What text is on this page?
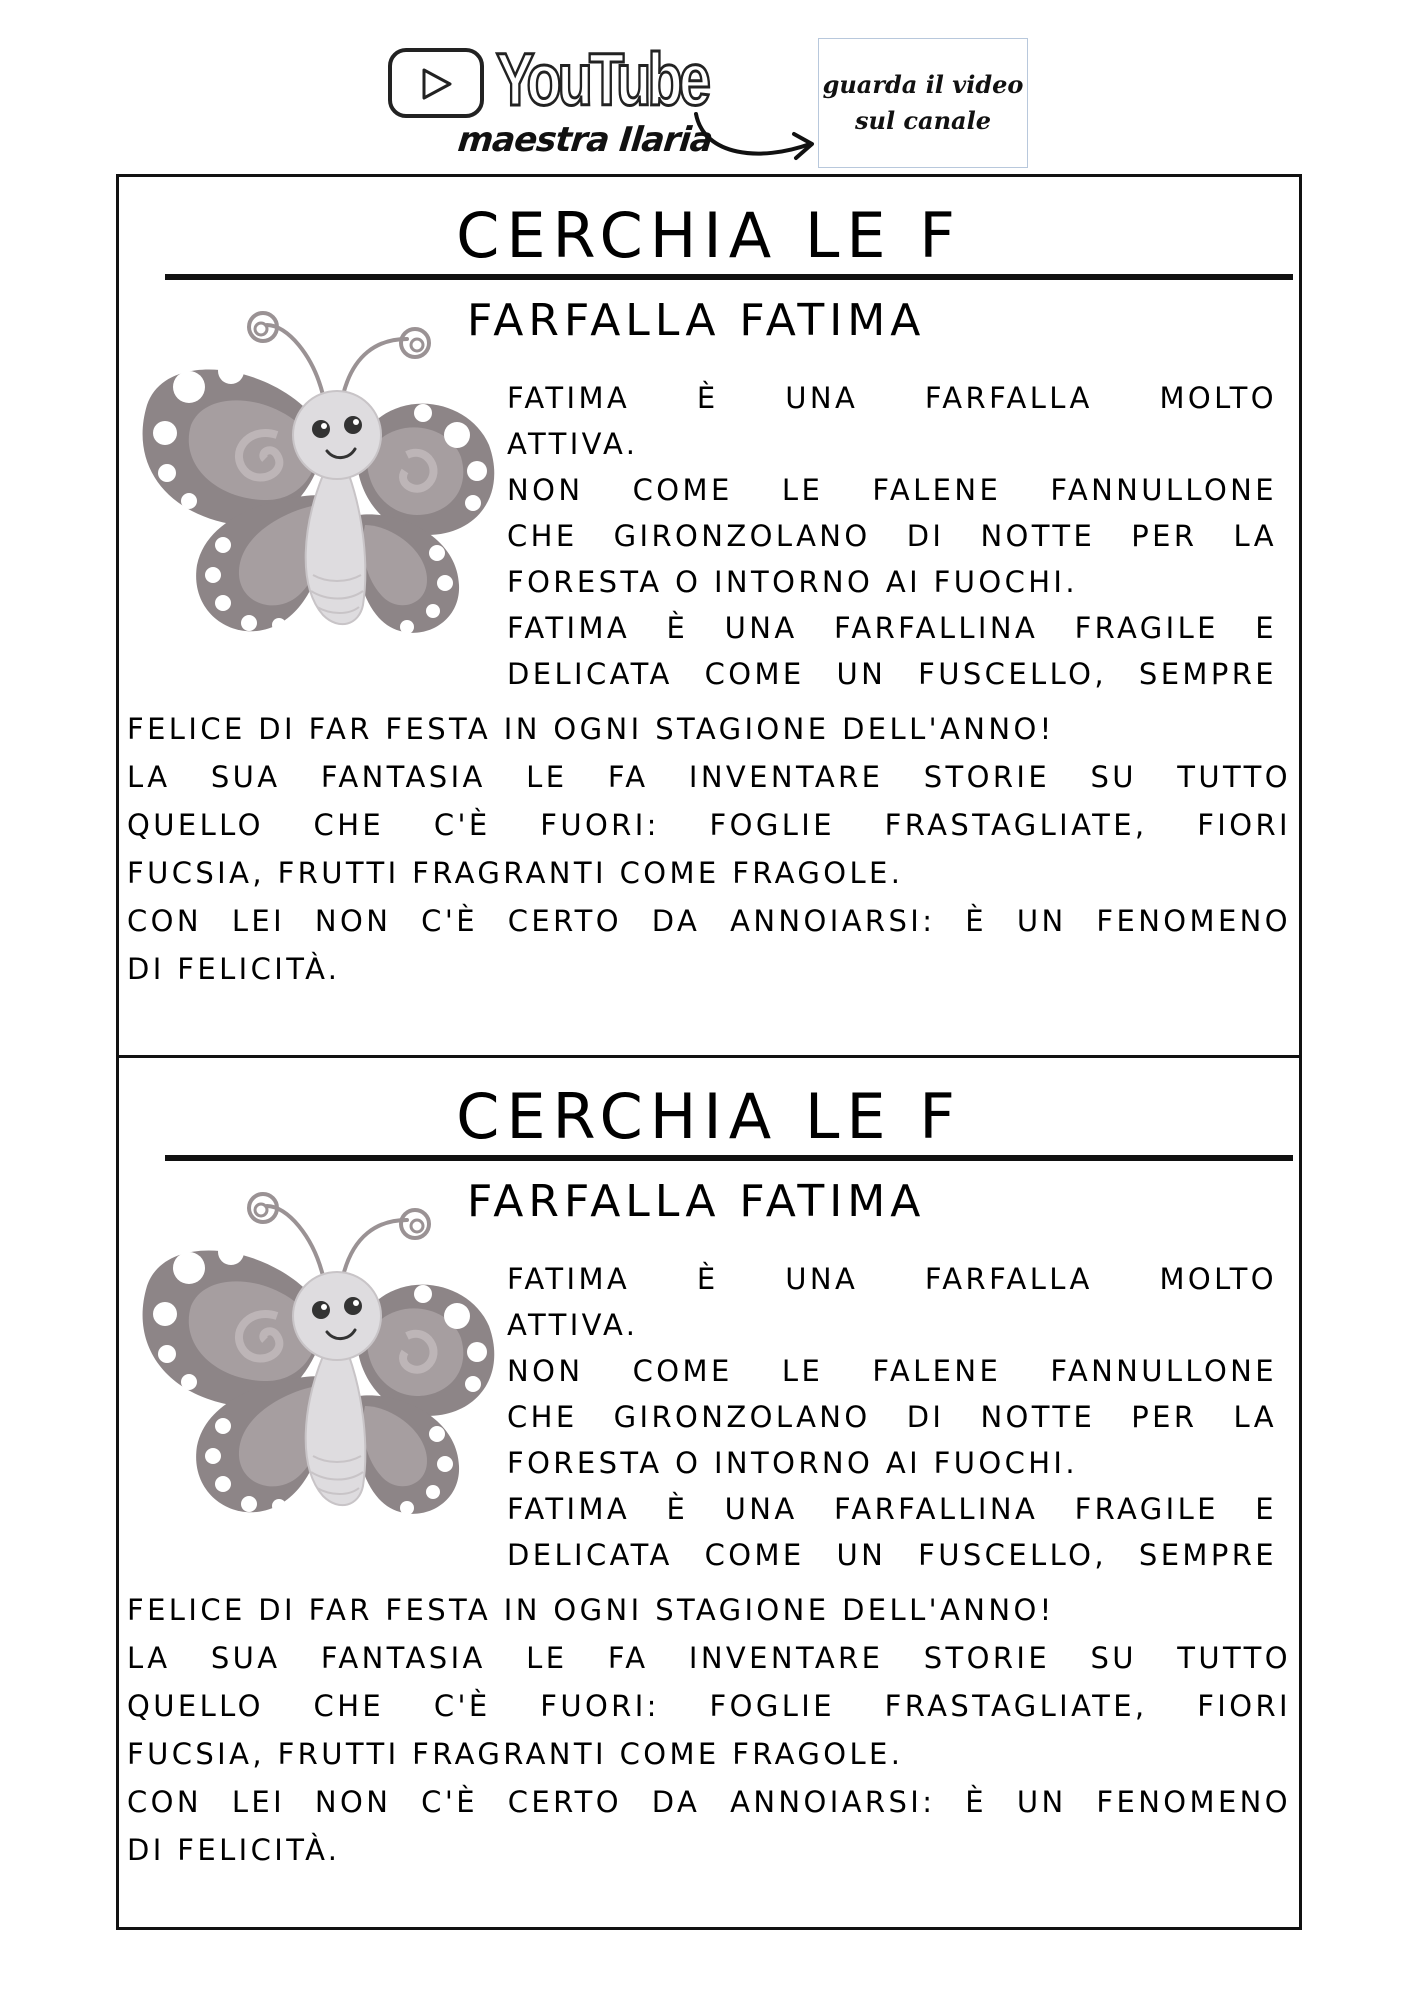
YouTube
maestra Ilaria
guarda il video
sul canale
CERCHIA LE F
FARFALLA FATIMA
FATIMA È UNA FARFALLA MOLTO
ATTIVA.
NON COME LE FALENE FANNULLONE
CHE GIRONZOLANO DI NOTTE PER LA
FORESTA O INTORNO AI FUOCHI.
FATIMA È UNA FARFALLINA FRAGILE E
DELICATA COME UN FUSCELLO, SEMPRE
FELICE DI FAR FESTA IN OGNI STAGIONE DELL'ANNO!
LA SUA FANTASIA LE FA INVENTARE STORIE SU TUTTO
QUELLO CHE C'È FUORI: FOGLIE FRASTAGLIATE, FIORI
FUCSIA, FRUTTI FRAGRANTI COME FRAGOLE.
CON LEI NON C'È CERTO DA ANNOIARSI: È UN FENOMENO
DI FELICITÀ.
CERCHIA LE F
FARFALLA FATIMA
FATIMA È UNA FARFALLA MOLTO
ATTIVA.
NON COME LE FALENE FANNULLONE
CHE GIRONZOLANO DI NOTTE PER LA
FORESTA O INTORNO AI FUOCHI.
FATIMA È UNA FARFALLINA FRAGILE E
DELICATA COME UN FUSCELLO, SEMPRE
FELICE DI FAR FESTA IN OGNI STAGIONE DELL'ANNO!
LA SUA FANTASIA LE FA INVENTARE STORIE SU TUTTO
QUELLO CHE C'È FUORI: FOGLIE FRASTAGLIATE, FIORI
FUCSIA, FRUTTI FRAGRANTI COME FRAGOLE.
CON LEI NON C'È CERTO DA ANNOIARSI: È UN FENOMENO
DI FELICITÀ.
